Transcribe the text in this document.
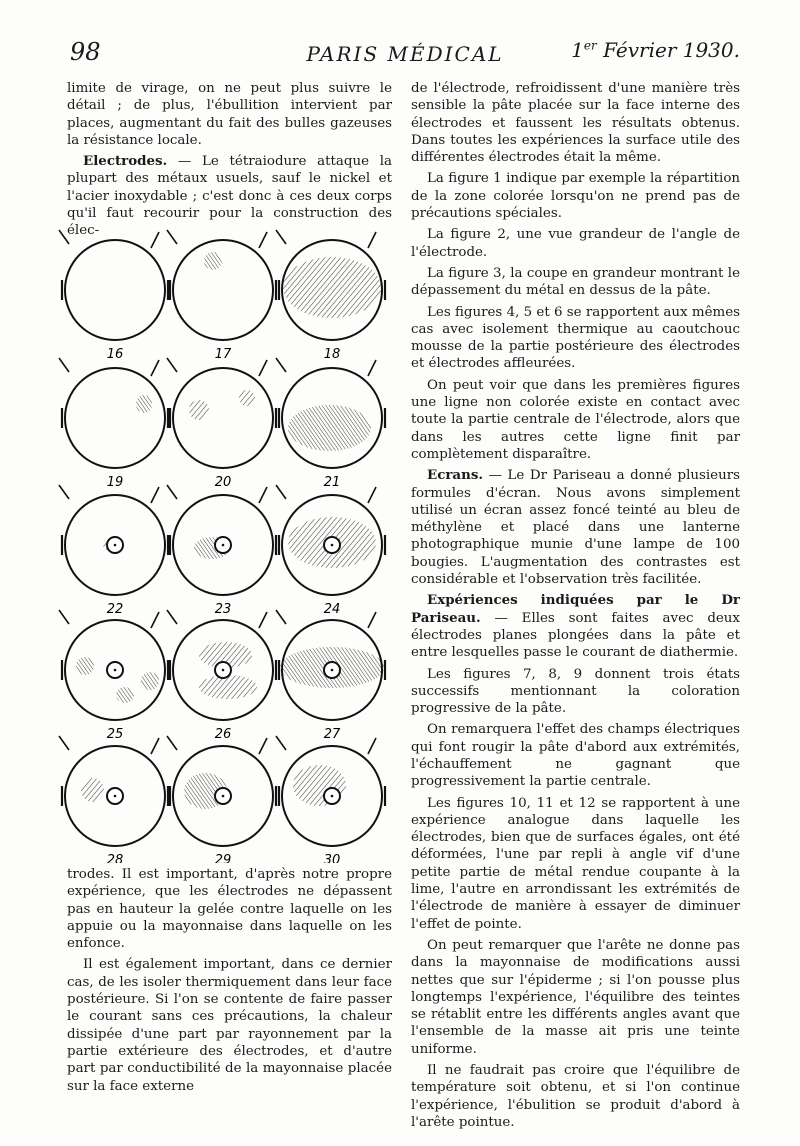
98	PARIS MÉDICAL	1er Février 1930.

limite de virage, on ne peut plus suivre le détail ; de plus, l'ébullition intervient par places, augmentant du fait des bulles gazeuses la résistance locale.

Electrodes. — Le tétraiodure attaque la plupart des métaux usuels, sauf le nickel et l'acier inoxydable ; c'est donc à ces deux corps qu'il faut recourir pour la construction des élec-

16	17	18
19	20	21
22	23	24
25	26	27
28	29	30

trodes. Il est important, d'après notre propre expérience, que les électrodes ne dépassent pas en hauteur la gelée contre laquelle on les appuie ou la mayonnaise dans laquelle on les enfonce.

Il est également important, dans ce dernier cas, de les isoler thermiquement dans leur face postérieure. Si l'on se contente de faire passer le courant sans ces précautions, la chaleur dissipée d'une part par rayonnement par la partie extérieure des électrodes, et d'autre part par conductibilité de la mayonnaise placée sur la face externe

de l'électrode, refroidissent d'une manière très sensible la pâte placée sur la face interne des électrodes et faussent les résultats obtenus. Dans toutes les expériences la surface utile des différentes électrodes était la même.

La figure 1 indique par exemple la répartition de la zone colorée lorsqu'on ne prend pas de précautions spéciales.

La figure 2, une vue grandeur de l'angle de l'électrode.

La figure 3, la coupe en grandeur montrant le dépassement du métal en dessus de la pâte.

Les figures 4, 5 et 6 se rapportent aux mêmes cas avec isolement thermique au caoutchouc mousse de la partie postérieure des électrodes et électrodes affleurées.

On peut voir que dans les premières figures une ligne non colorée existe en contact avec toute la partie centrale de l'électrode, alors que dans les autres cette ligne finit par complètement disparaître.

Ecrans. — Le Dr Pariseau a donné plusieurs formules d'écran. Nous avons simplement utilisé un écran assez foncé teinté au bleu de méthylène et placé dans une lanterne photographique munie d'une lampe de 100 bougies. L'augmentation des contrastes est considérable et l'observation très facilitée.

Expériences indiquées par le Dr Pariseau. — Elles sont faites avec deux électrodes planes plongées dans la pâte et entre lesquelles passe le courant de diathermie.

Les figures 7, 8, 9 donnent trois états successifs mentionnant la coloration progressive de la pâte.

On remarquera l'effet des champs électriques qui font rougir la pâte d'abord aux extrémités, l'échauffement ne gagnant que progressivement la partie centrale.

Les figures 10, 11 et 12 se rapportent à une expérience analogue dans laquelle les électrodes, bien que de surfaces égales, ont été déformées, l'une par repli à angle vif d'une petite partie de métal rendue coupante à la lime, l'autre en arrondissant les extrémités de l'électrode de manière à essayer de diminuer l'effet de pointe.

On peut remarquer que l'arête ne donne pas dans la mayonnaise de modifications aussi nettes que sur l'épiderme ; si l'on pousse plus longtemps l'expérience, l'équilibre des teintes se rétablit entre les différents angles avant que l'ensemble de la masse ait pris une teinte uniforme.

Il ne faudrait pas croire que l'équilibre de température soit obtenu, et si l'on continue l'expérience, l'ébulition se produit d'abord à l'arête pointue.
